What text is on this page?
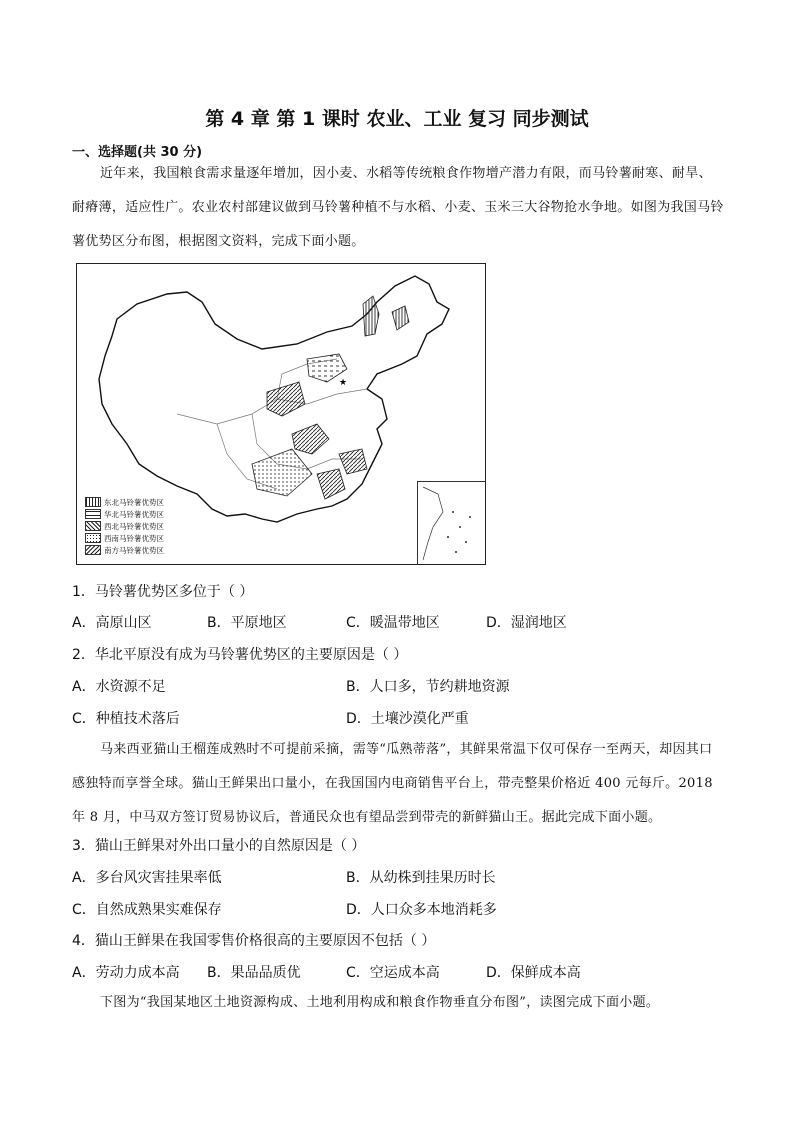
第 4 章 第 1 课时 农业、工业 复习 同步测试
一、选择题(共 30 分)
近年来，我国粮食需求量逐年增加，因小麦、水稻等传统粮食作物增产潜力有限，而马铃薯耐寒、耐旱、耐瘠薄，适应性广。农业农村部建议做到马铃薯种植不与水稻、小麦、玉米三大谷物抢水争地。如图为我国马铃薯优势区分布图，根据图文资料，完成下面小题。
★
东北马铃薯优势区
华北马铃薯优势区
西北马铃薯优势区
西南马铃薯优势区
南方马铃薯优势区
1．马铃薯优势区多位于（ ）
A．高原山区	B．平原地区	C．暖温带地区	D．湿润地区
2．华北平原没有成为马铃薯优势区的主要原因是（ ）
A．水资源不足	B．人口多，节约耕地资源
C．种植技术落后	D．土壤沙漠化严重
马来西亚猫山王榴莲成熟时不可提前采摘，需等“瓜熟蒂落”，其鲜果常温下仅可保存一至两天，却因其口感独特而享誉全球。猫山王鲜果出口量小，在我国国内电商销售平台上，带壳整果价格近 400 元每斤。2018 年 8 月，中马双方签订贸易协议后，普通民众也有望品尝到带壳的新鲜猫山王。据此完成下面小题。
3．猫山王鲜果对外出口量小的自然原因是（ ）
A．多台风灾害挂果率低	B．从幼株到挂果历时长
C．自然成熟果实难保存	D．人口众多本地消耗多
4．猫山王鲜果在我国零售价格很高的主要原因不包括（ ）
A．劳动力成本高 B．果品品质优	C．空运成本高	D．保鲜成本高
下图为“我国某地区土地资源构成、土地利用构成和粮食作物垂直分布图”，读图完成下面小题。
